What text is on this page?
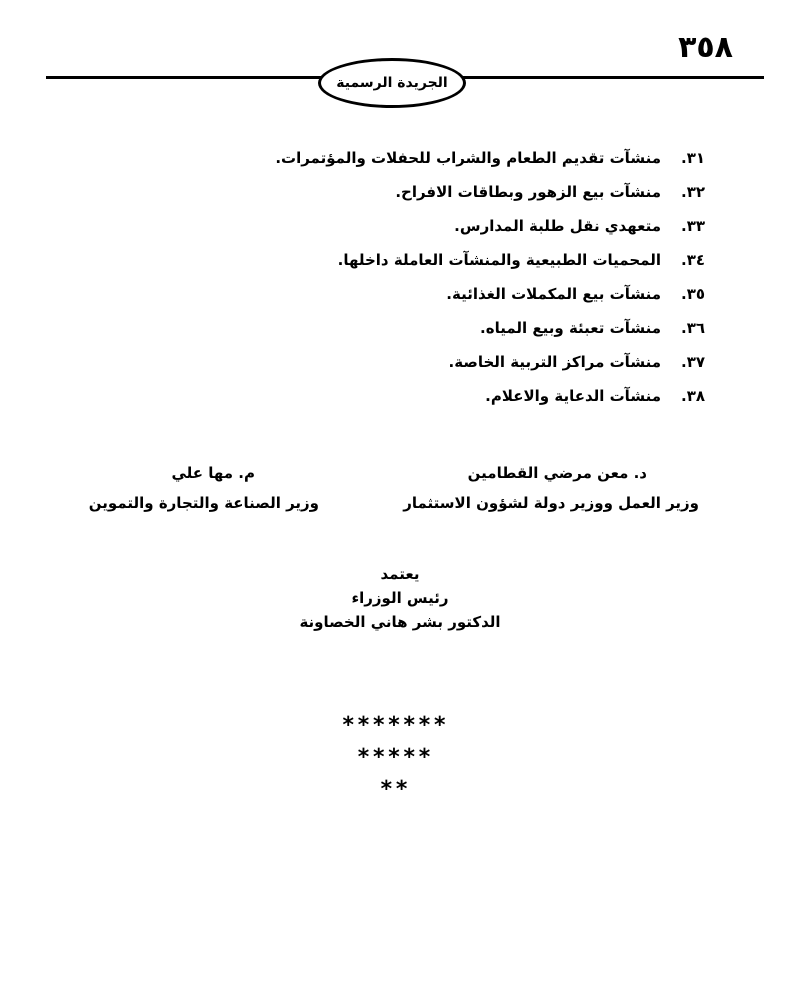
٣٥٨
الجريدة الرسمية
٣١.
منشآت تقديم الطعام والشراب للحفلات والمؤتمرات.
٣٢.
منشآت بيع الزهور وبطاقات الافراح.
٣٣.
متعهدي نقل طلبة المدارس.
٣٤.
المحميات الطبيعية والمنشآت العاملة داخلها.
٣٥.
منشآت بيع المكملات الغذائية.
٣٦.
منشآت تعبئة وبيع المياه.
٣٧.
منشآت مراكز التربية الخاصة.
٣٨.
منشآت الدعاية والاعلام.
د. معن مرضي القطامين
وزير العمل ووزير دولة لشؤون الاستثمار
م. مها علي
وزير الصناعة والتجارة والتموين
يعتمد
رئيس الوزراء
الدكتور بشر هاني الخصاونة
*******
*****
**
